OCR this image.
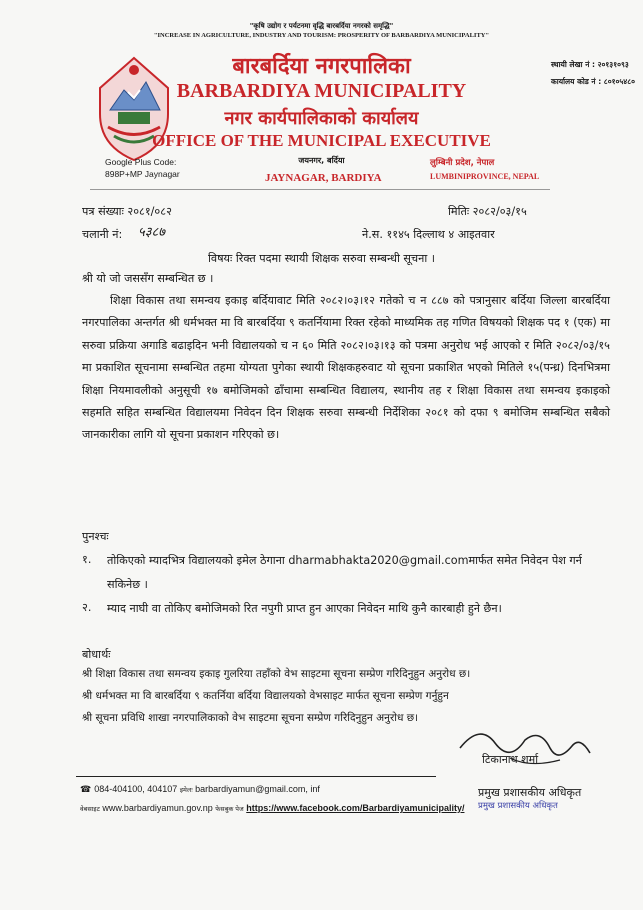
"कृषि उद्योग र पर्यटनमा वृद्धि बारबर्दिया नगरको समृद्धि"
"INCREASE IN AGRICULTURE, INDUSTRY AND TOURISM: PROSPERITY OF BARBARDIYA MUNICIPALITY"
बारबर्दिया नगरपालिका
BARBARDIYA MUNICIPALITY
नगर कार्यपालिकाको कार्यालय
OFFICE OF THE MUNICIPAL EXECUTIVE
स्थायी लेखा नं : २०१३१०९३
कार्यालय कोड नं : ८०१०५४८०
Google Plus Code:
898P+MP Jaynagar
जयनगर, बर्दिया
JAYNAGAR, BARDIYA
लुम्बिनी प्रदेश, नेपाल
LUMBINIPROVINCE, NEPAL
पत्र संख्याः २०८१/०८२	मितिः २०८२/०३/१५
चलानी नं: ५३८७	ने.स. ११४५ दिल्लाथ ४ आइतवार
विषयः रिक्त पदमा स्थायी शिक्षक सरुवा सम्बन्धी सूचना ।
श्री यो जो जससँग सम्बन्धित छ ।

शिक्षा विकास तथा समन्वय इकाइ बर्दियावाट मिति २०८२।०३।१२ गतेको च न ८८७ को पत्रानुसार बर्दिया जिल्ला बारबर्दिया नगरपालिका अन्तर्गत श्री धर्मभक्त मा वि बारबर्दिया ९ कतर्नियामा रिक्त रहेको माध्यमिक तह गणित विषयको शिक्षक पद १ (एक) मा सरुवा प्रक्रिया अगाडि बढाइदिन भनी विद्यालयको च न ६० मिति २०८२।०३।१३ को पत्रमा अनुरोध भई आएको र मिति २०८२/०३/१५ मा प्रकाशित सूचनामा सम्बन्धित तहमा योग्यता पुगेका स्थायी शिक्षकहरुवाट यो सूचना प्रकाशित भएको मितिले १५(पन्ध्र) दिनभित्रमा शिक्षा नियमावलीको अनुसूची १७ बमोजिमको ढाँचामा सम्बन्धित विद्यालय, स्थानीय तह र शिक्षा विकास तथा समन्वय इकाइको सहमति सहित सम्बन्धित विद्यालयमा निवेदन दिन शिक्षक सरुवा सम्बन्धी निर्देशिका २०८१ को दफा ९ बमोजिम सम्बन्धित सबैको जानकारीका लागि यो सूचना प्रकाशन गरिएको छ।

पुनश्चः
१.	तोकिएको म्यादभित्र विद्यालयको इमेल ठेगाना dharmabhakta2020@gmail.comमार्फत समेत निवेदन पेश गर्न सकिनेछ ।
२.	म्याद नाघी वा तोकिए बमोजिमको रित नपुगी प्राप्त हुन आएका निवेदन माथि कुनै कारबाही हुने छैन।
बोधार्थः
श्री शिक्षा विकास तथा समन्वय इकाइ गुलरिया तहाँको वेभ साइटमा सूचना सम्प्रेण गरिदिनुहुन अनुरोध छ।
श्री धर्मभक्त मा वि बारबर्दिया ९ कतर्निया बर्दिया विद्यालयको वेभसाइट मार्फत सूचना सम्प्रेण गर्नुहुन
श्री सूचना प्रविधि शाखा नगरपालिकाको वेभ साइटमा सूचना सम्प्रेण गरिदिनुहुन अनुरोध छ।
टिकानाथ शर्मा
प्रमुख प्रशासकीय अधिकृत
प्रमुख प्रशासकीय अधिकृत
☎ 084-404100, 404107 इमेलः barbardiyamun@gmail.com, inf
वेबसाइट www.barbardiyamun.gov.np फेसबुक पेज https://www.facebook.com/Barbardiyamunicipality/
